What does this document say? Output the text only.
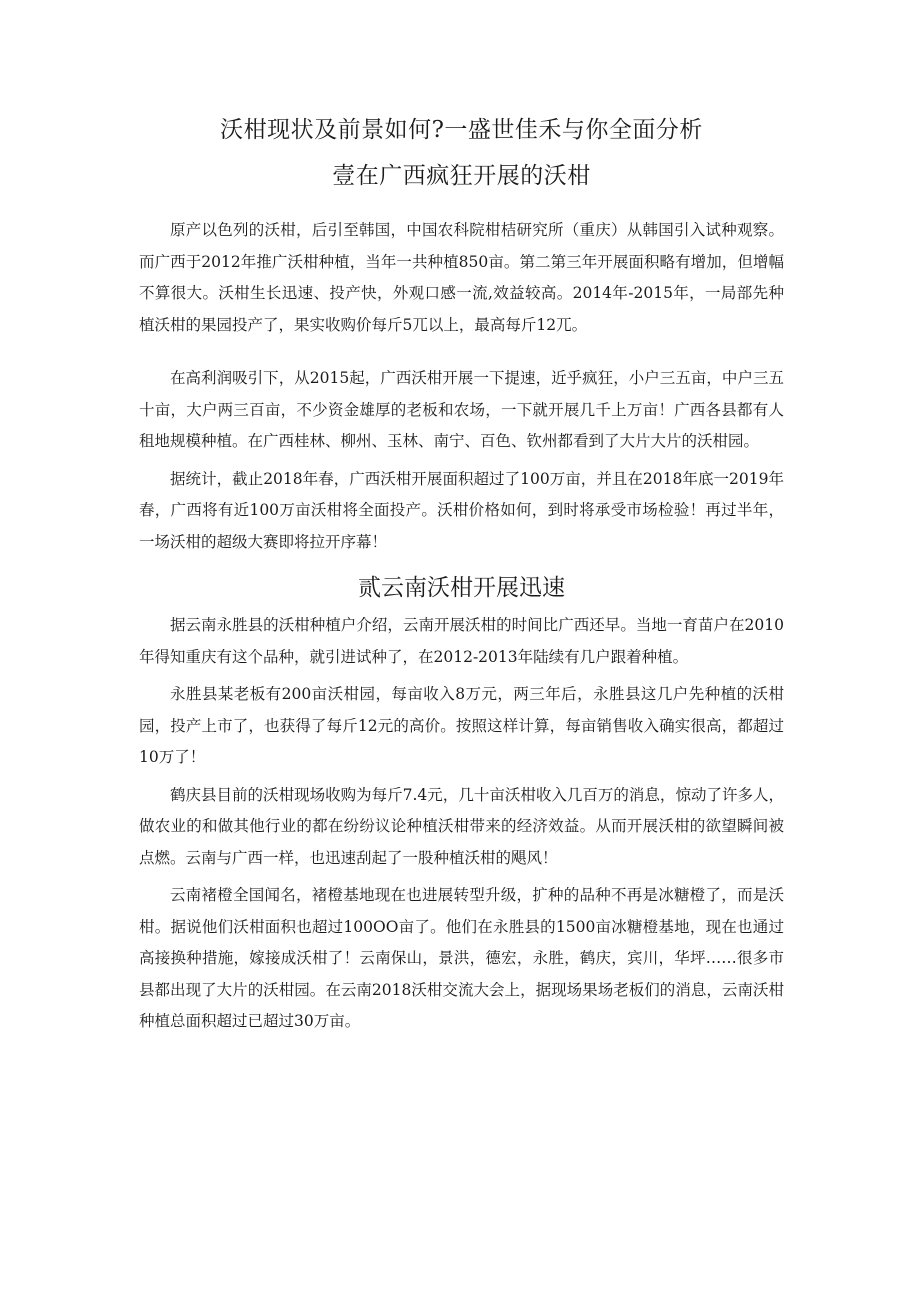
沃柑现状及前景如何?一盛世佳禾与你全面分析
壹在广西疯狂开展的沃柑

原产以色列的沃柑，后引至韩国，中国农科院柑桔研究所（重庆）从韩国引入试种观察。而广西于2012年推广沃柑种植，当年一共种植850亩。第二第三年开展面积略有增加，但增幅不算很大。沃柑生长迅速、投产快，外观口感一流,效益较高。2014年-2015年，一局部先种植沃柑的果园投产了，果实收购价每斤5兀以上，最高每斤12兀。

在高利润吸引下，从2015起，广西沃柑开展一下提速，近乎疯狂，小户三五亩，中户三五十亩，大户两三百亩，不少资金雄厚的老板和农场，一下就开展几千上万亩！广西各县都有人租地规模种植。在广西桂林、柳州、玉林、南宁、百色、钦州都看到了大片大片的沃柑园。

据统计，截止2018年春，广西沃柑开展面积超过了100万亩，并且在2018年底一2019年春，广西将有近100万亩沃柑将全面投产。沃柑价格如何，到时将承受市场检验！再过半年，一场沃柑的超级大赛即将拉开序幕！

贰云南沃柑开展迅速

据云南永胜县的沃柑种植户介绍，云南开展沃柑的时间比广西还早。当地一育苗户在2010年得知重庆有这个品种，就引进试种了，在2012-2013年陆续有几户跟着种植。

永胜县某老板有200亩沃柑园，每亩收入8万元，两三年后，永胜县这几户先种植的沃柑园，投产上市了，也获得了每斤12元的高价。按照这样计算，每亩销售收入确实很高，都超过10万了！

鹤庆县目前的沃柑现场收购为每斤7.4元，几十亩沃柑收入几百万的消息，惊动了许多人，做农业的和做其他行业的都在纷纷议论种植沃柑带来的经济效益。从而开展沃柑的欲望瞬间被点燃。云南与广西一样，也迅速刮起了一股种植沃柑的飓风！

云南褚橙全国闻名，褚橙基地现在也进展转型升级，扩种的品种不再是冰糖橙了，而是沃柑。据说他们沃柑面积也超过100OO亩了。他们在永胜县的1500亩冰糖橙基地，现在也通过高接换种措施，嫁接成沃柑了！云南保山，景洪，德宏，永胜，鹤庆，宾川，华坪……很多市县都出现了大片的沃柑园。在云南2018沃柑交流大会上，据现场果场老板们的消息，云南沃柑种植总面积超过已超过30万亩。
